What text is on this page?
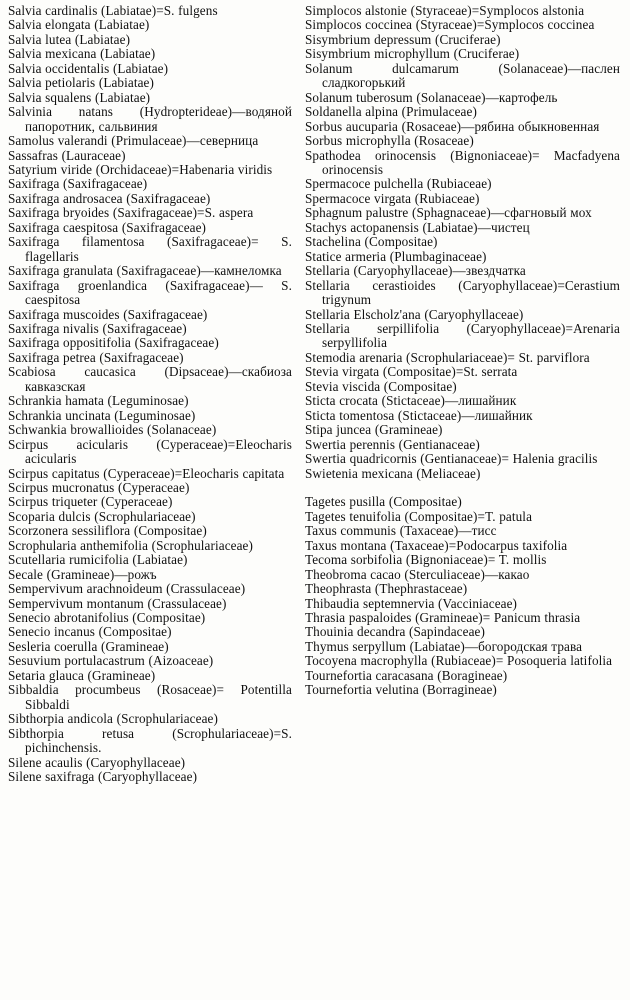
Salvia cardinalis (Labiatae)=S. fulgens

Salvia elongata (Labiatae)

Salvia lutea (Labiatae)

Salvia mexicana (Labiatae)

Salvia occidentalis (Labiatae)

Salvia petiolaris (Labiatae)

Salvia squalens (Labiatae)

Salvinia natans (Hydropterideae)—водяной папоротник, сальвиния

Samolus valerandi (Primulaceae)—севepница

Sassafras (Lauraceae)

Satyrium viride (Orchidaceae)=Habenaria viridis

Saxifraga (Saxifragaceae)

Saxifraga androsacea (Saxifragaceae)

Saxifraga bryoides (Saxifragaceae)=S. aspera

Saxifraga caespitosa (Saxifragaceae)

Saxifraga filamentosa (Saxifragaceae)= S. flagellaris

Saxifraga granulata (Saxifragaceae)—камнеломка

Saxifraga groenlandica (Saxifragaceae)— S. caespitosa

Saxifraga muscoides (Saxifragaceae)

Saxifraga nivalis (Saxifragaceae)

Saxifraga oppositifolia (Saxifragaceae)

Saxifraga petrea (Saxifragaceae)

Scabiosa caucasica (Dipsaceae)—скабиоза кавказская

Schrankia hamata (Leguminosae)

Schrankia uncinata (Leguminosae)

Schwankia browallioides (Solanaceae)

Scirpus acicularis (Cyperaceae)=Eleocharis acicularis

Scirpus capitatus (Cyperaceae)=Eleocharis capitata

Scirpus mucronatus (Cyperaceae)

Scirpus triqueter (Cyperaceae)

Scoparia dulcis (Scrophulariaceae)

Scorzonera sessiliflora (Compositae)

Scrophularia anthemifolia (Scrophulariaceae)

Scutellaria rumicifolia (Labiatae)

Secale (Gramineae)—рожъ

Sempervivum arachnoideum (Crassulaceae)

Sempervivum montanum (Crassulaceae)

Senecio abrotanifolius (Compositae)

Senecio incanus (Compositae)

Sesleria coerulla (Gramineae)

Sesuvium portulacastrum (Aizoaceae)

Setaria glauca (Gramineae)

Sibbaldia procumbeus (Rosaceae)= Potentilla Sibbaldi

Sibthorpia andicola (Scrophulariaceae)

Sibthorpia retusa (Scrophulariaceae)=S. pichinchensis.

Silene acaulis (Caryophyllaceae)

Silene saxifraga (Caryophyllaceae)

Simplocos alstonie (Styraceae)=Symplocos alstonia

Simplocos coccinea (Styraceae)=Symplocos coccinea

Sisymbrium depressum (Cruciferae)

Sisymbrium microphyllum (Cruciferae)

Solanum dulcamarum (Solanaceae)—паслен сладкогорький

Solanum tuberosum (Solanaceae)—картофель

Soldanella alpina (Primulaceae)

Sorbus aucuparia (Rosaceae)—рябина обыкновенная

Sorbus microphylla (Rosaceae)

Spathodea orinocensis (Bignoniaceae)= Macfadyena orinocensis

Spermacoce pulchella (Rubiaceae)

Spermacoce virgata (Rubiaceae)

Sphagnum palustre (Sphagnaceae)—сфагновый мох

Stachys actopanensis (Labiatae)—чистец

Stachelina (Compositae)

Statice armeria (Plumbaginaceae)

Stellaria (Caryophyllaceae)—звездчатка

Stellaria cerastioides (Caryophyllaceae)=Cerastium trigynum

Stellaria Elscholz'ana (Caryophyllaceae)

Stellaria serpillifolia (Caryophyllaceae)=Arenaria serpyllifolia

Stemodia arenaria (Scrophulariaceae)= St. parviflora

Stevia virgata (Compositae)=St. serrata

Stevia viscida (Compositae)

Sticta crocata (Stictaceae)—лишайник

Sticta tomentosa (Stictaceae)—лишайник

Stipa juncea (Gramineae)

Swertia perennis (Gentianaceae)

Swertia quadricornis (Gentianaceae)= Halenia gracilis

Swietenia mexicana (Meliaceae)

Tagetes pusilla (Compositae)

Tagetes tenuifolia (Compositae)=T. patula

Taxus communis (Taxaceae)—тисс

Taxus montana (Taxaceae)=Podocarpus taxifolia

Tecoma sorbifolia (Bignoniaceae)= T. mollis

Theobroma cacao (Sterculiaceae)—какао

Theophrasta (Thephrastaceae)

Thibaudia septemnervia (Vacciniaceae)

Thrasia paspaloides (Gramineae)= Panicum thrasia

Thouinia decandra (Sapindaceae)

Thymus serpyllum (Labiatae)—богородская трава

Tocoyena macrophylla (Rubiaceae)= Posoqueria latifolia

Tournefortia caracasana (Boragineae)

Tournefortia velutina (Borragineae)
